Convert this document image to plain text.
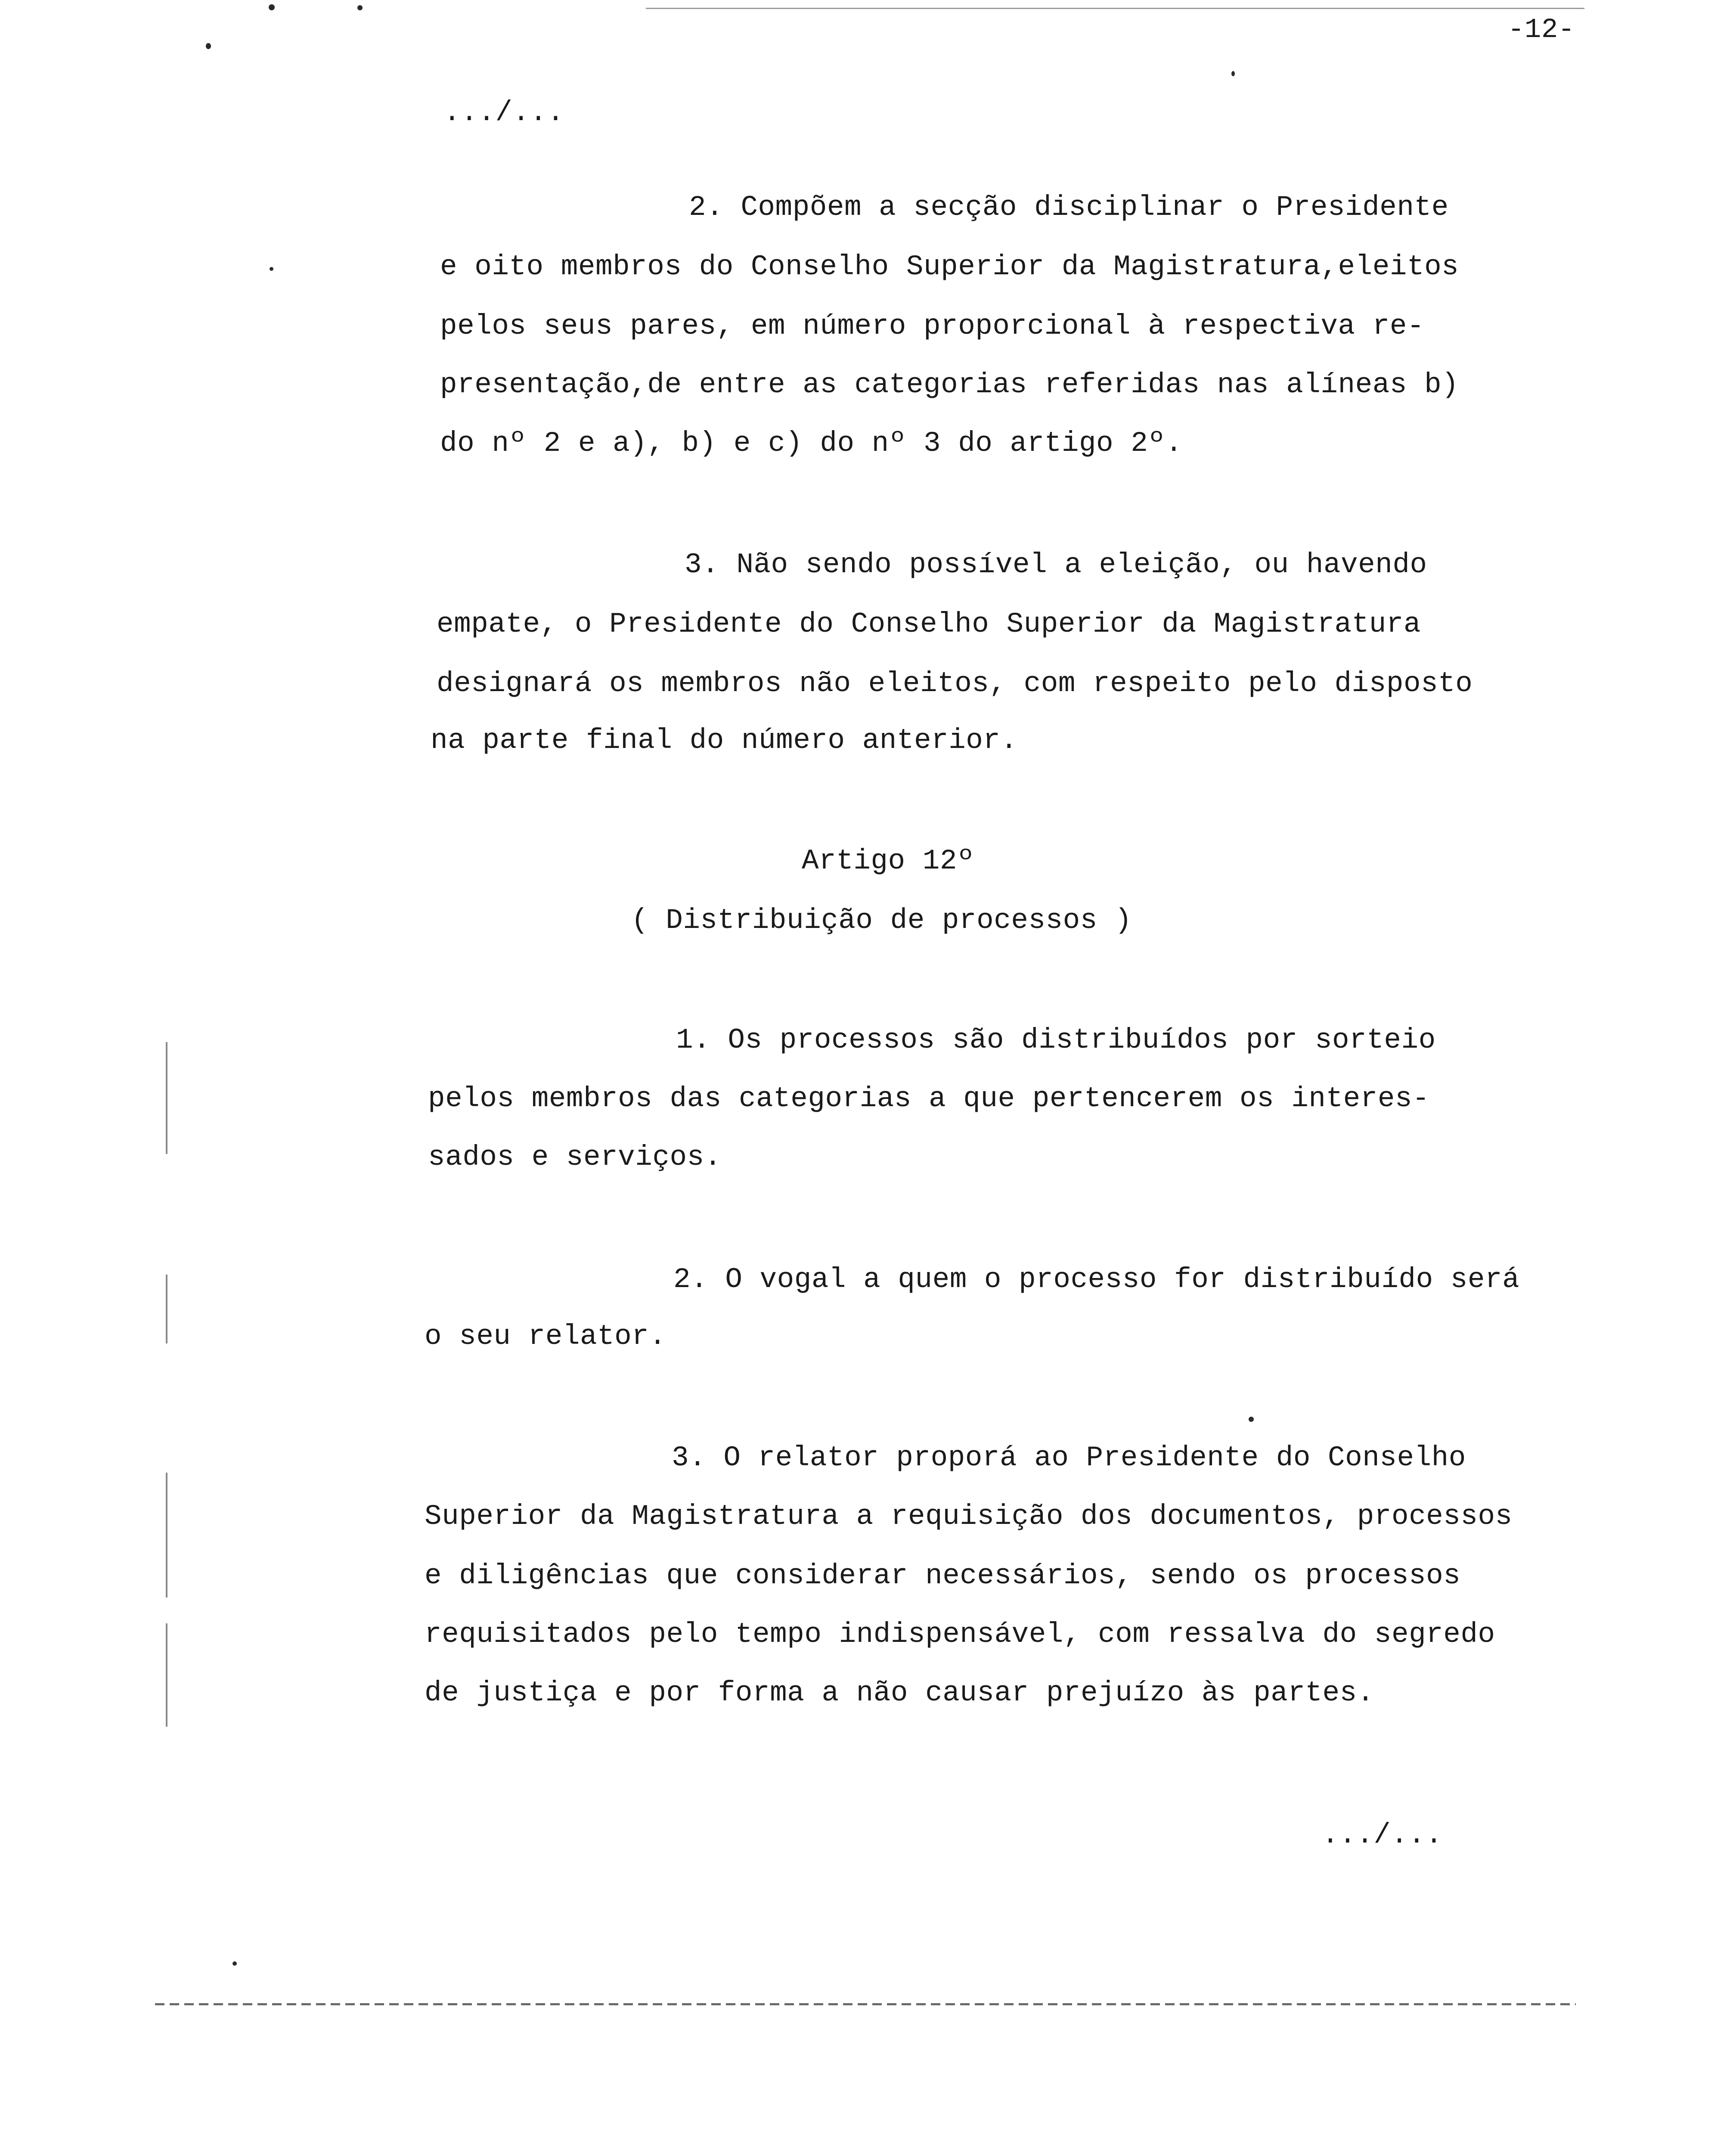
-12-
.../...
2. Compõem a secção disciplinar o Presidente
e oito membros do Conselho Superior da Magistratura,eleitos
pelos seus pares, em número proporcional à respectiva re-
presentação,de entre as categorias referidas nas alíneas b)
do nº 2 e a), b) e c) do nº 3 do artigo 2º.
3. Não sendo possível a eleição, ou havendo
empate, o Presidente do Conselho Superior da Magistratura
designará os membros não eleitos, com respeito pelo disposto
na parte final do número anterior.
Artigo 12º
( Distribuição de processos )
1. Os processos são distribuídos por sorteio
pelos membros das categorias a que pertencerem os interes-
sados e serviços.
2. O vogal a quem o processo for distribuído será
o seu relator.
3. O relator proporá ao Presidente do Conselho
Superior da Magistratura a requisição dos documentos, processos
e diligências que considerar necessários, sendo os processos
requisitados pelo tempo indispensável, com ressalva do segredo
de justiça e por forma a não causar prejuízo às partes.
.../...
